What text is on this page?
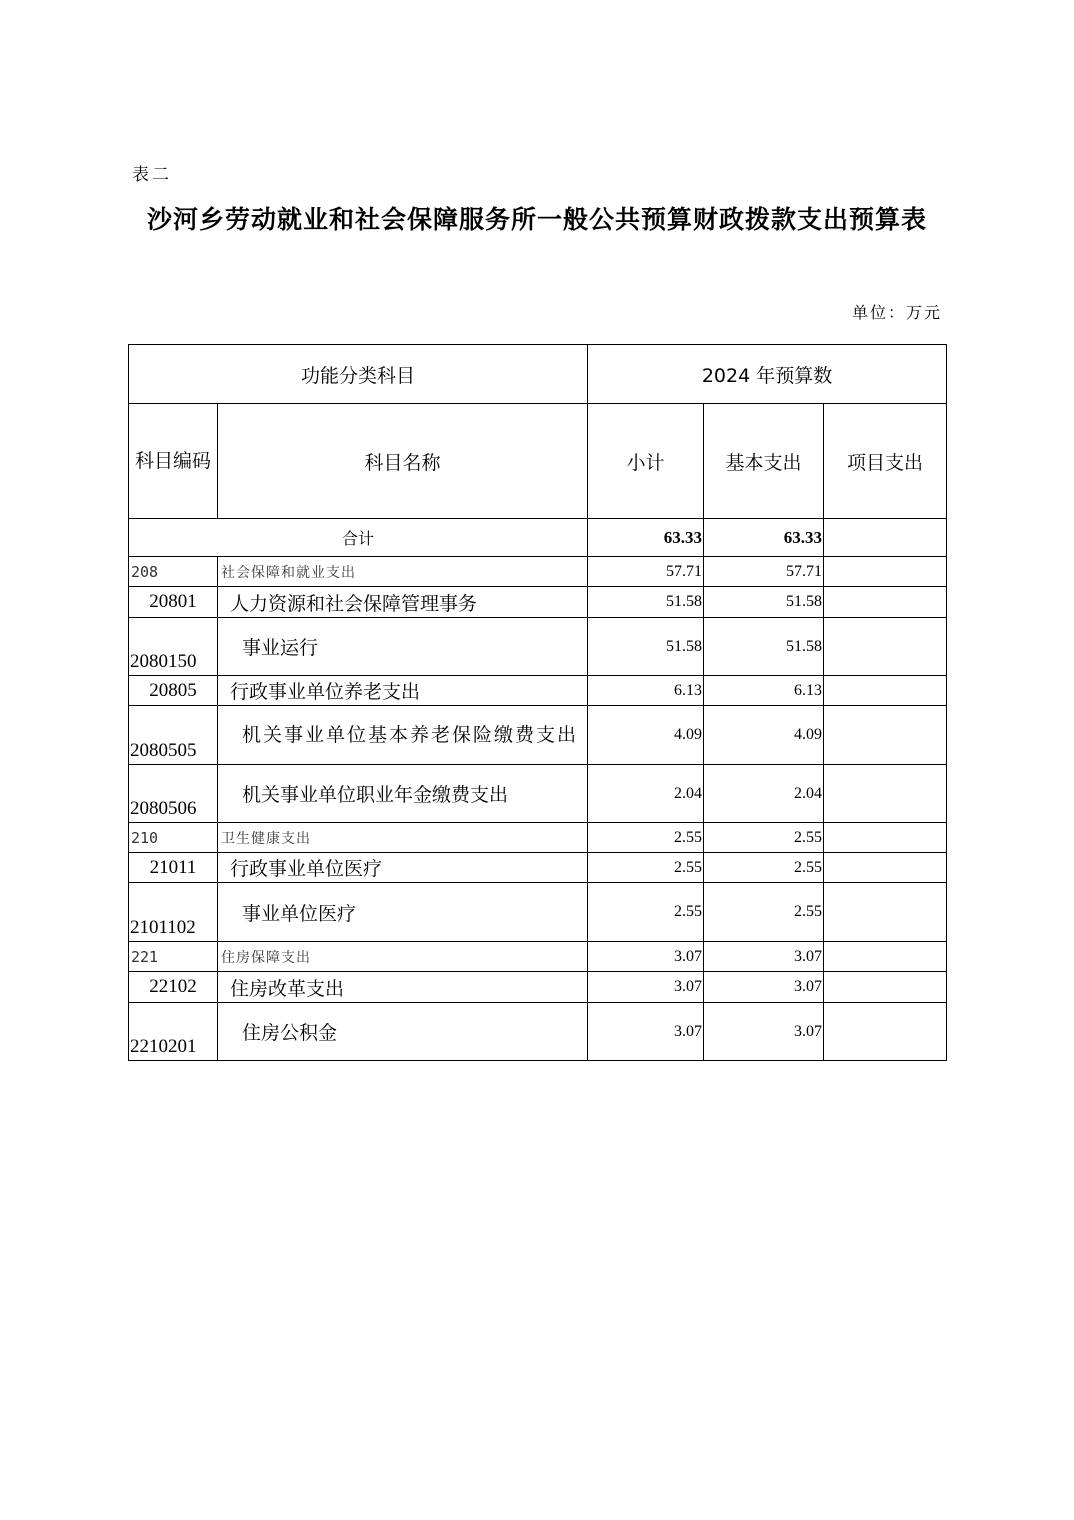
表二
沙河乡劳动就业和社会保障服务所一般公共预算财政拨款支出预算表
单位：万元
功能分类科目		2024 年预算数		
科目编码	科目名称	小计	基本支出	项目支出
合计		63.33	63.33	
208	社会保障和就业支出	57.71	57.71	
20801	人力资源和社会保障管理事务	51.58	51.58	
2080150	事业运行	51.58	51.58	
20805	行政事业单位养老支出	6.13	6.13	
2080505	机关事业单位基本养老保险缴费支出	4.09	4.09	
2080506	机关事业单位职业年金缴费支出	2.04	2.04	
210	卫生健康支出	2.55	2.55	
21011	行政事业单位医疗	2.55	2.55	
2101102	事业单位医疗	2.55	2.55	
221	住房保障支出	3.07	3.07	
22102	住房改革支出	3.07	3.07	
2210201	住房公积金	3.07	3.07	
